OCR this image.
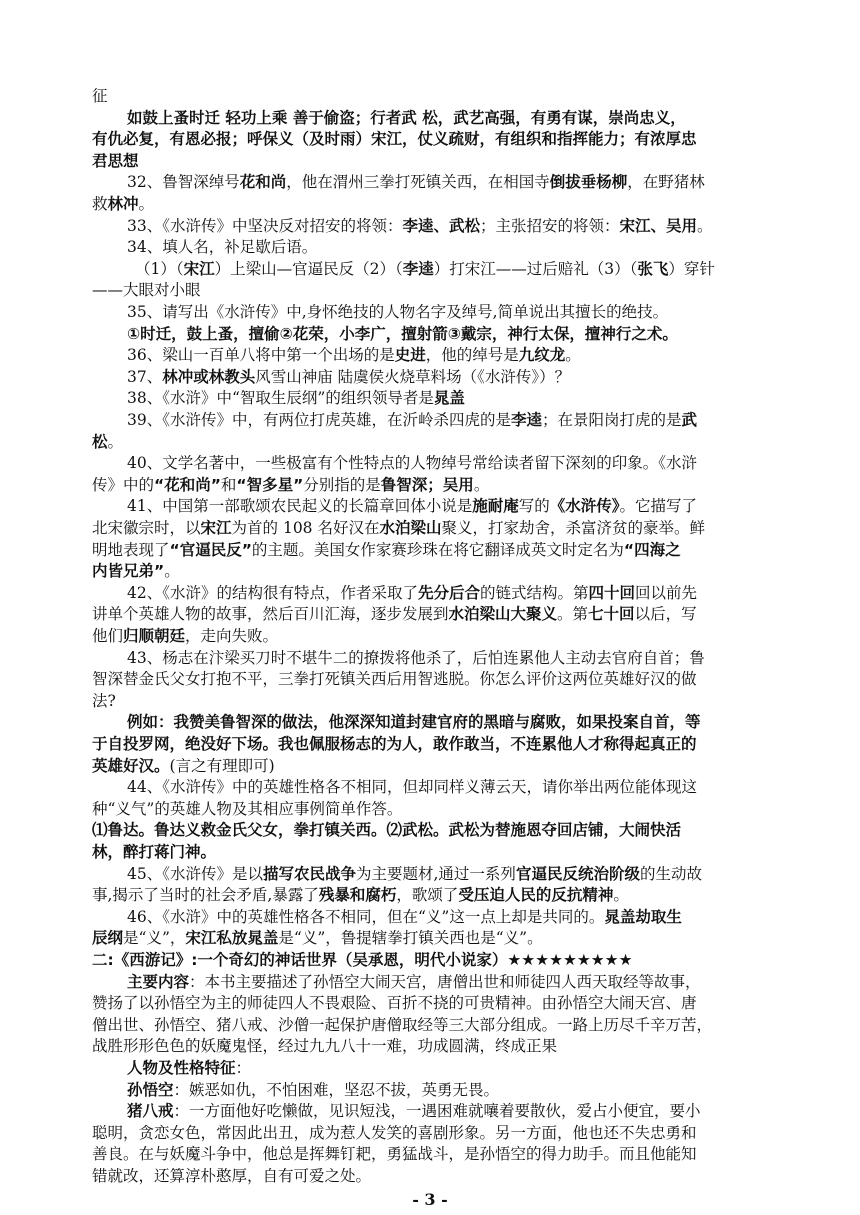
征
如鼓上蚤时迁 轻功上乘 善于偷盗；行者武 松，武艺高强，有勇有谋，崇尚忠义，
有仇必复，有恩必报；呼保义（及时雨）宋江，仗义疏财，有组织和指挥能力；有浓厚忠
君思想
32、鲁智深绰号花和尚，他在渭州三拳打死镇关西，在相国寺倒拔垂杨柳，在野猪林
救林冲。
33、《水浒传》中坚决反对招安的将领：李逵、武松；主张招安的将领：宋江、吴用。
34、填人名，补足歇后语。
（1）（宋江）上梁山—官逼民反（2）（李逵）打宋江——过后赔礼（3）（张飞）穿针
——大眼对小眼
35、请写出《水浒传》中,身怀绝技的人物名字及绰号,简单说出其擅长的绝技。
①时迁，鼓上蚤，擅偷②花荣，小李广，擅射箭③戴宗，神行太保，擅神行之术。
36、梁山一百单八将中第一个出场的是史进，他的绰号是九纹龙。
37、林冲或林教头风雪山神庙 陆虞侯火烧草料场（《水浒传》）？
38、《水浒》中“智取生辰纲”的组织领导者是晁盖
39、《水浒传》中，有两位打虎英雄，在沂岭杀四虎的是李逵；在景阳岗打虎的是武
松。
40、文学名著中，一些极富有个性特点的人物绰号常给读者留下深刻的印象。《水浒
传》中的“花和尚”和“智多星”分别指的是鲁智深；吴用。
41、中国第一部歌颂农民起义的长篇章回体小说是施耐庵写的《水浒传》。它描写了
北宋徽宗时，以宋江为首的 108 名好汉在水泊梁山聚义，打家劫舍，杀富济贫的豪举。鲜
明地表现了“官逼民反”的主题。美国女作家赛珍珠在将它翻译成英文时定名为“四海之
内皆兄弟”。
42、《水浒》的结构很有特点，作者采取了先分后合的链式结构。第四十回回以前先
讲单个英雄人物的故事，然后百川汇海，逐步发展到水泊梁山大聚义。第七十回以后，写
他们归顺朝廷，走向失败。
43、杨志在汴梁买刀时不堪牛二的撩拨将他杀了，后怕连累他人主动去官府自首；鲁
智深替金氏父女打抱不平，三拳打死镇关西后用智逃脱。你怎么评价这两位英雄好汉的做
法?
例如：我赞美鲁智深的做法，他深深知道封建官府的黑暗与腐败，如果投案自首，等
于自投罗网，绝没好下场。我也佩服杨志的为人，敢作敢当，不连累他人才称得起真正的
英雄好汉。(言之有理即可)
44、《水浒传》中的英雄性格各不相同，但却同样义薄云天，请你举出两位能体现这
种“义气”的英雄人物及其相应事例简单作答。
⑴鲁达。鲁达义救金氏父女，拳打镇关西。⑵武松。武松为替施恩夺回店铺，大闹快活
林，醉打蒋门神。
45、《水浒传》是以描写农民战争为主要题材,通过一系列官逼民反统治阶级的生动故
事,揭示了当时的社会矛盾,暴露了残暴和腐朽，歌颂了受压迫人民的反抗精神。
46、《水浒》中的英雄性格各不相同，但在“义”这一点上却是共同的。晁盖劫取生
辰纲是“义”，宋江私放晁盖是“义”，鲁提辖拳打镇关西也是“义”。
二:《西游记》:一个奇幻的神话世界（吴承恩，明代小说家）★★★★★★★★★
主要内容：本书主要描述了孙悟空大闹天宫，唐僧出世和师徒四人西天取经等故事，
赞扬了以孙悟空为主的师徒四人不畏艰险、百折不挠的可贵精神。由孙悟空大闹天宫、唐
僧出世、孙悟空、猪八戒、沙僧一起保护唐僧取经等三大部分组成。一路上历尽千辛万苦，
战胜形形色色的妖魔鬼怪，经过九九八十一难，功成圆满，终成正果
人物及性格特征：
孙悟空：嫉恶如仇，不怕困难，坚忍不拔，英勇无畏。
猪八戒：一方面他好吃懒做，见识短浅，一遇困难就嚷着要散伙，爱占小便宜，要小
聪明，贪恋女色，常因此出丑，成为惹人发笑的喜剧形象。另一方面，他也还不失忠勇和
善良。在与妖魔斗争中，他总是挥舞钉耙，勇猛战斗，是孙悟空的得力助手。而且他能知
错就改，还算淳朴憨厚，自有可爱之处。
- 3 -
